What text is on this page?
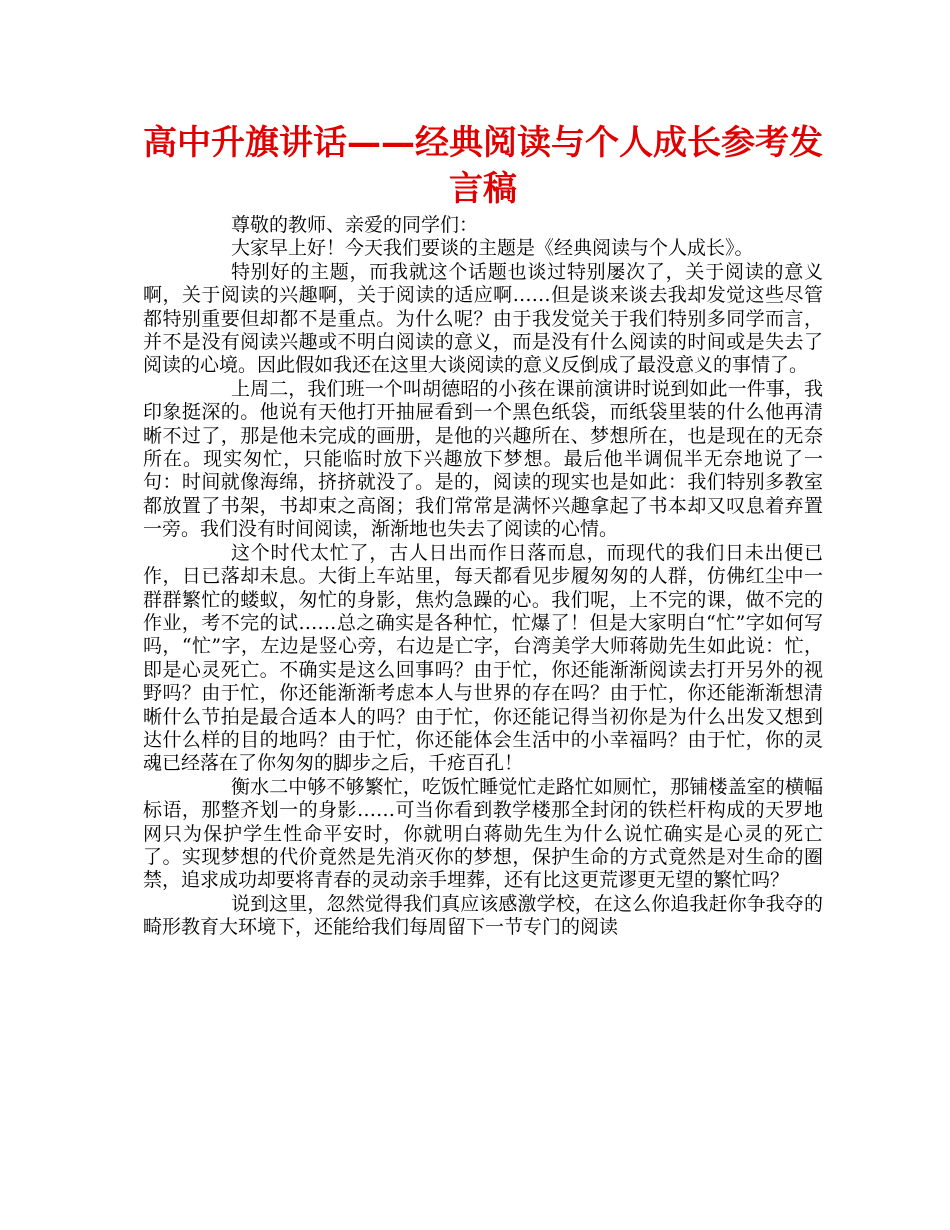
高中升旗讲话——经典阅读与个人成长参考发言稿

尊敬的教师、亲爱的同学们：

大家早上好！今天我们要谈的主题是《经典阅读与个人成长》。

特别好的主题，而我就这个话题也谈过特别屡次了，关于阅读的意义啊，关于阅读的兴趣啊，关于阅读的适应啊……但是谈来谈去我却发觉这些尽管都特别重要但却都不是重点。为什么呢？由于我发觉关于我们特别多同学而言，并不是没有阅读兴趣或不明白阅读的意义，而是没有什么阅读的时间或是失去了阅读的心境。因此假如我还在这里大谈阅读的意义反倒成了最没意义的事情了。

上周二，我们班一个叫胡德昭的小孩在课前演讲时说到如此一件事，我印象挺深的。他说有天他打开抽屉看到一个黑色纸袋，而纸袋里装的什么他再清晰不过了，那是他未完成的画册，是他的兴趣所在、梦想所在，也是现在的无奈所在。现实匆忙，只能临时放下兴趣放下梦想。最后他半调侃半无奈地说了一句：时间就像海绵，挤挤就没了。是的，阅读的现实也是如此：我们特别多教室都放置了书架，书却束之高阁；我们常常是满怀兴趣拿起了书本却又叹息着弃置一旁。我们没有时间阅读，渐渐地也失去了阅读的心情。

这个时代太忙了，古人日出而作日落而息，而现代的我们日未出便已作，日已落却未息。大街上车站里，每天都看见步履匆匆的人群，仿佛红尘中一群群繁忙的蝼蚁，匆忙的身影，焦灼急躁的心。我们呢，上不完的课，做不完的作业，考不完的试……总之确实是各种忙，忙爆了！但是大家明白“忙”字如何写吗，“忙”字，左边是竖心旁，右边是亡字，台湾美学大师蒋勋先生如此说：忙，即是心灵死亡。不确实是这么回事吗？由于忙，你还能渐渐阅读去打开另外的视野吗？由于忙，你还能渐渐考虑本人与世界的存在吗？由于忙，你还能渐渐想清晰什么节拍是最合适本人的吗？由于忙，你还能记得当初你是为什么出发又想到达什么样的目的地吗？由于忙，你还能体会生活中的小幸福吗？由于忙，你的灵魂已经落在了你匆匆的脚步之后，千疮百孔！

衡水二中够不够繁忙，吃饭忙睡觉忙走路忙如厕忙，那铺楼盖室的横幅标语，那整齐划一的身影……可当你看到教学楼那全封闭的铁栏杆构成的天罗地网只为保护学生性命平安时，你就明白蒋勋先生为什么说忙确实是心灵的死亡了。实现梦想的代价竟然是先消灭你的梦想，保护生命的方式竟然是对生命的圈禁，追求成功却要将青春的灵动亲手埋葬，还有比这更荒谬更无望的繁忙吗？

说到这里，忽然觉得我们真应该感激学校，在这么你追我赶你争我夺的畸形教育大环境下，还能给我们每周留下一节专门的阅读
